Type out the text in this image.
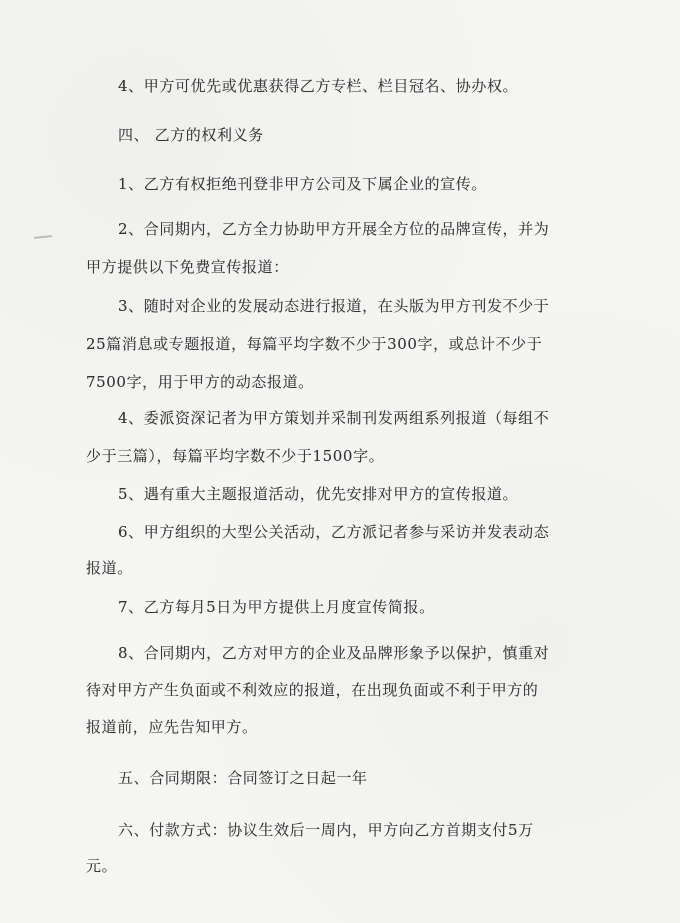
4、甲方可优先或优惠获得乙方专栏、栏目冠名、协办权。
四、 乙方的权利义务
1、乙方有权拒绝刊登非甲方公司及下属企业的宣传。
2、合同期内，乙方全力协助甲方开展全方位的品牌宣传，并为
甲方提供以下免费宣传报道：
3、随时对企业的发展动态进行报道，在头版为甲方刊发不少于
25篇消息或专题报道，每篇平均字数不少于300字，或总计不少于
7500字，用于甲方的动态报道。
4、委派资深记者为甲方策划并采制刊发两组系列报道（每组不
少于三篇），每篇平均字数不少于1500字。
5、遇有重大主题报道活动，优先安排对甲方的宣传报道。
6、甲方组织的大型公关活动，乙方派记者参与采访并发表动态
报道。
7、乙方每月5日为甲方提供上月度宣传简报。
8、合同期内，乙方对甲方的企业及品牌形象予以保护，慎重对
待对甲方产生负面或不利效应的报道，在出现负面或不利于甲方的
报道前，应先告知甲方。
五、合同期限：合同签订之日起一年
六、付款方式：协议生效后一周内，甲方向乙方首期支付5万
元。
